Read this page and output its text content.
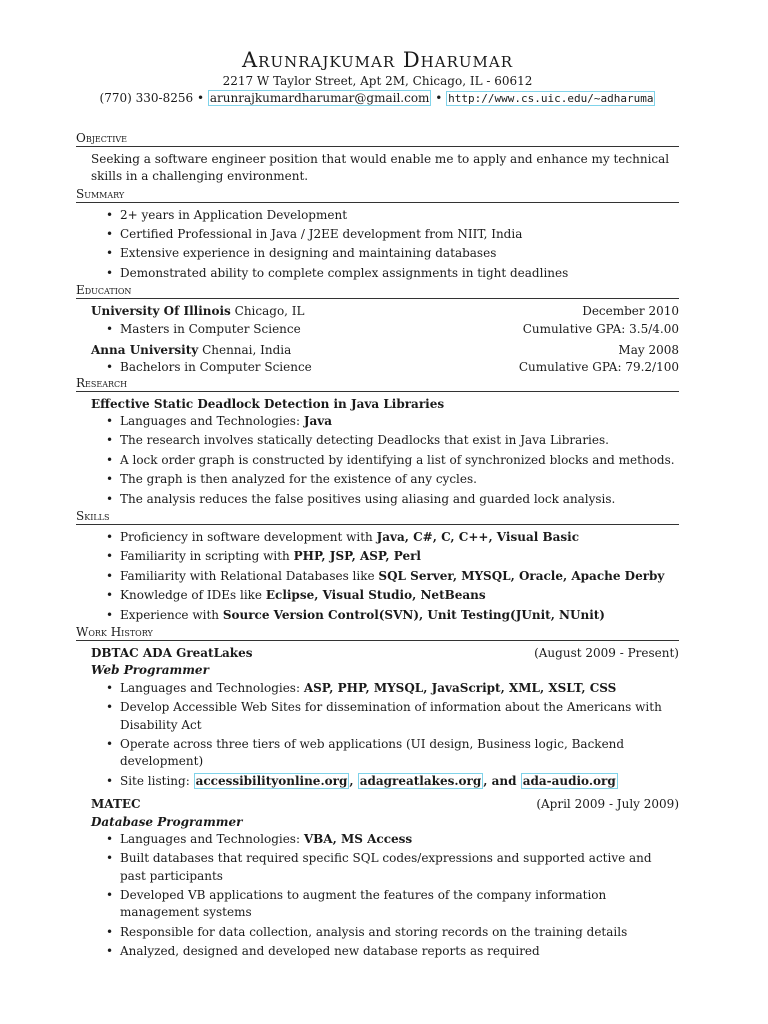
Arunrajkumar Dharumar
2217 W Taylor Street, Apt 2M, Chicago, IL - 60612
(770) 330-8256 • arunrajkumardharumar@gmail.com • http://www.cs.uic.edu/~adharuma
Objective
Seeking a software engineer position that would enable me to apply and enhance my technical skills in a challenging environment.
Summary
• 2+ years in Application Development
• Certified Professional in Java / J2EE development from NIIT, India
• Extensive experience in designing and maintaining databases
• Demonstrated ability to complete complex assignments in tight deadlines
Education
University Of Illinois Chicago, IL	December 2010
• Masters in Computer Science	Cumulative GPA: 3.5/4.00
Anna University Chennai, India	May 2008
• Bachelors in Computer Science	Cumulative GPA: 79.2/100
Research
Effective Static Deadlock Detection in Java Libraries
• Languages and Technologies: Java
• The research involves statically detecting Deadlocks that exist in Java Libraries.
• A lock order graph is constructed by identifying a list of synchronized blocks and methods.
• The graph is then analyzed for the existence of any cycles.
• The analysis reduces the false positives using aliasing and guarded lock analysis.
Skills
• Proficiency in software development with Java, C#, C, C++, Visual Basic
• Familiarity in scripting with PHP, JSP, ASP, Perl
• Familiarity with Relational Databases like SQL Server, MYSQL, Oracle, Apache Derby
• Knowledge of IDEs like Eclipse, Visual Studio, NetBeans
• Experience with Source Version Control(SVN), Unit Testing(JUnit, NUnit)
Work History
DBTAC ADA GreatLakes	(August 2009 - Present)
Web Programmer
• Languages and Technologies: ASP, PHP, MYSQL, JavaScript, XML, XSLT, CSS
• Develop Accessible Web Sites for dissemination of information about the Americans with Disability Act
• Operate across three tiers of web applications (UI design, Business logic, Backend development)
• Site listing: accessibilityonline.org , adagreatlakes.org , and ada-audio.org
MATEC	(April 2009 - July 2009)
Database Programmer
• Languages and Technologies: VBA, MS Access
• Built databases that required specific SQL codes/expressions and supported active and past participants
• Developed VB applications to augment the features of the company information management systems
• Responsible for data collection, analysis and storing records on the training details
• Analyzed, designed and developed new database reports as required
